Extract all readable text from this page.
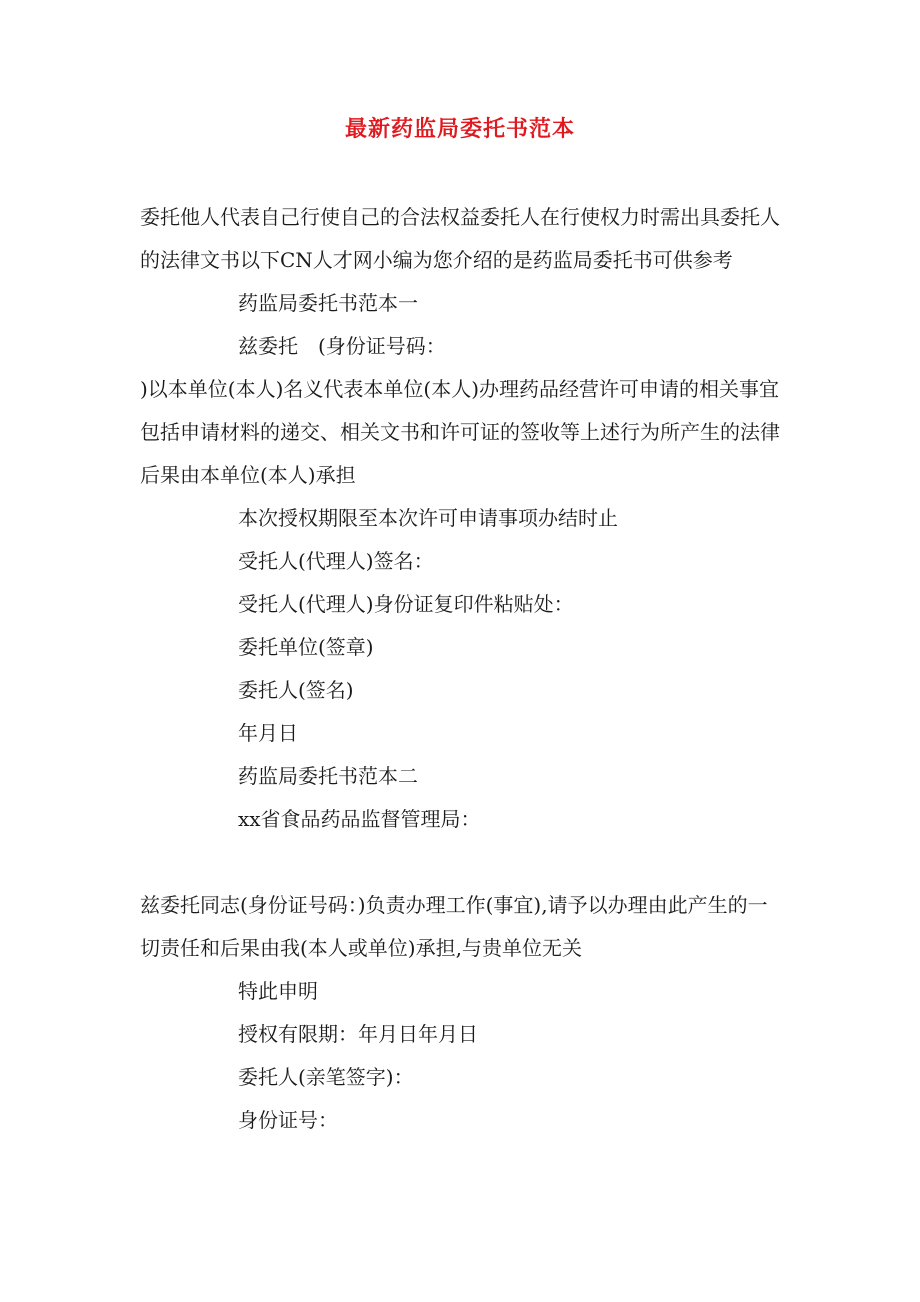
最新药监局委托书范本

委托他人代表自己行使自己的合法权益委托人在行使权力时需出具委托人的法律文书以下CN人才网小编为您介绍的是药监局委托书可供参考

药监局委托书范本一

兹委托　(身份证号码：

)以本单位(本人)名义代表本单位(本人)办理药品经营许可申请的相关事宜包括申请材料的递交、相关文书和许可证的签收等上述行为所产生的法律后果由本单位(本人)承担

本次授权期限至本次许可申请事项办结时止

受托人(代理人)签名：

受托人(代理人)身份证复印件粘贴处：

委托单位(签章)

委托人(签名)

年月日

药监局委托书范本二

xx省食品药品监督管理局：

兹委托同志(身份证号码：)负责办理工作(事宜),请予以办理由此产生的一切责任和后果由我(本人或单位)承担,与贵单位无关

特此申明

授权有限期：年月日年月日

委托人(亲笔签字)：

身份证号：
